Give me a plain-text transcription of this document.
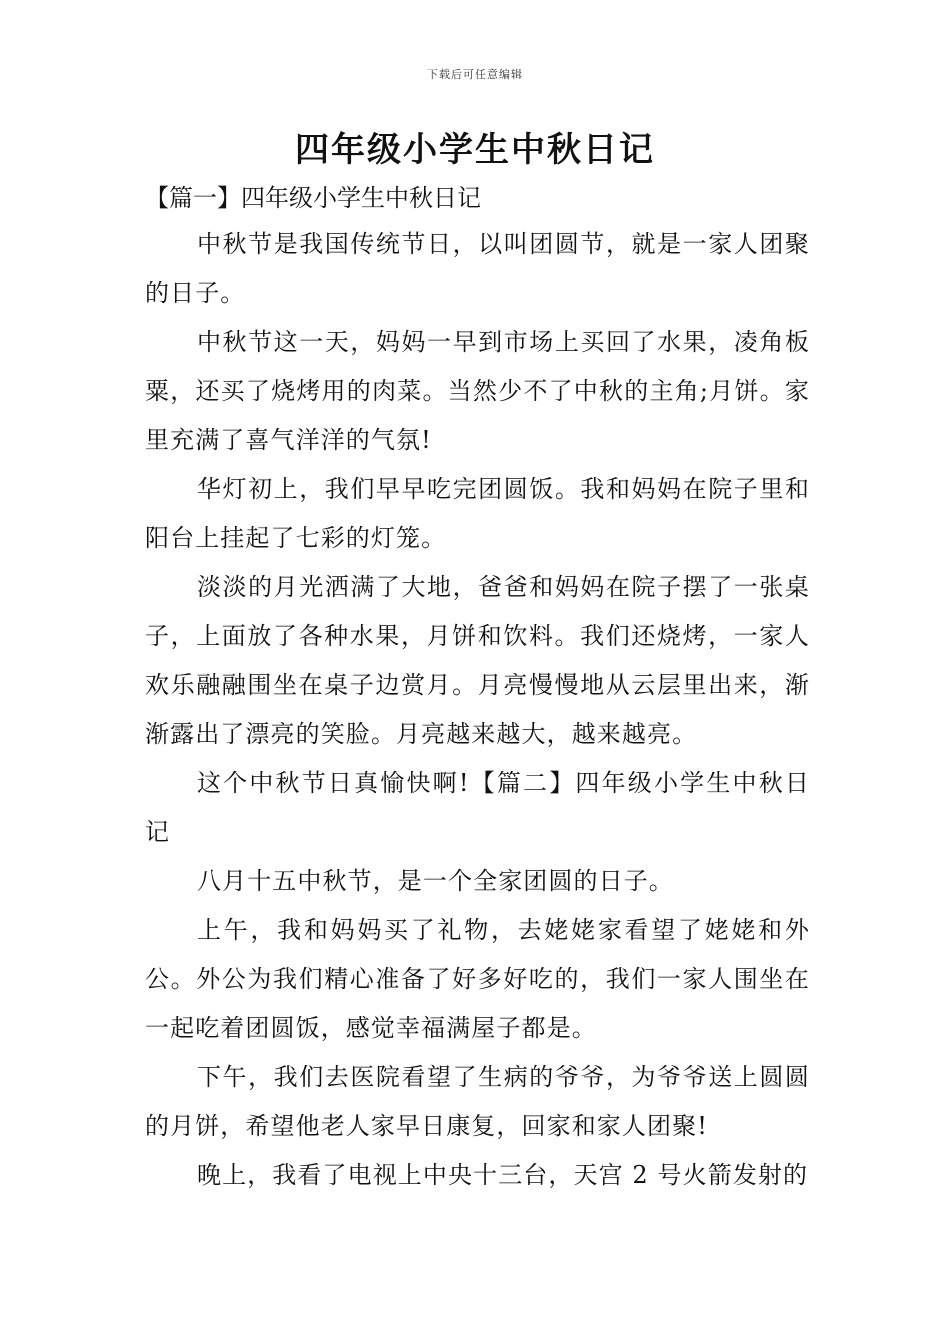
下载后可任意编辑
四年级小学生中秋日记

【篇一】四年级小学生中秋日记

中秋节是我国传统节日，以叫团圆节，就是一家人团聚的日子。

中秋节这一天，妈妈一早到市场上买回了水果，凌角板粟，还买了烧烤用的肉菜。当然少不了中秋的主角;月饼。家里充满了喜气洋洋的气氛!

华灯初上，我们早早吃完团圆饭。我和妈妈在院子里和阳台上挂起了七彩的灯笼。

淡淡的月光洒满了大地，爸爸和妈妈在院子摆了一张桌子，上面放了各种水果，月饼和饮料。我们还烧烤，一家人欢乐融融围坐在桌子边赏月。月亮慢慢地从云层里出来，渐渐露出了漂亮的笑脸。月亮越来越大，越来越亮。

这个中秋节日真愉快啊!【篇二】四年级小学生中秋日记

八月十五中秋节，是一个全家团圆的日子。

上午，我和妈妈买了礼物，去姥姥家看望了姥姥和外公。外公为我们精心准备了好多好吃的，我们一家人围坐在一起吃着团圆饭，感觉幸福满屋子都是。

下午，我们去医院看望了生病的爷爷，为爷爷送上圆圆的月饼，希望他老人家早日康复，回家和家人团聚!

晚上，我看了电视上中央十三台，天宫 2 号火箭发射的
